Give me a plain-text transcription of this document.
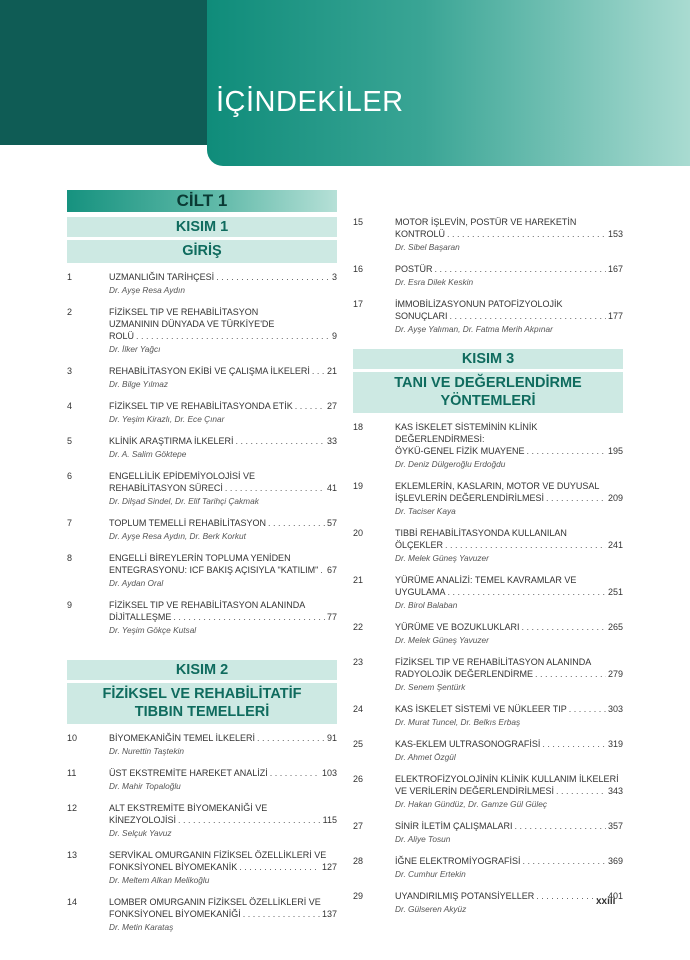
İÇİNDEKİLER
CİLT 1
KISIM 1
GİRİŞ
1	UZMANLIĞIN TARİHÇESİ . . .	3
Dr. Ayşe Resa Aydın
2	FİZİKSEL TIP VE REHABİLİTASYON
UZMANININ DÜNYADA VE TÜRKİYE'DE
ROLÜ . . .	9
Dr. İlker Yağcı
3	REHABİLİTASYON EKİBİ VE ÇALIŞMA İLKELERİ . . . 21
Dr. Bilge Yılmaz
4	FİZİKSEL TIP VE REHABİLİTASYONDA ETİK . . .	27
Dr. Yeşim Kirazlı, Dr. Ece Çınar
5	KLİNİK ARAŞTIRMA İLKELERİ . . .	33
Dr. A. Salim Göktepe
6	ENGELLİLİK EPİDEMİYOLOJİSİ VE
REHABİLİTASYON SÜRECİ . . .	41
Dr. Dilşad Sindel, Dr. Elif Tarihçi Çakmak
7	TOPLUM TEMELLİ REHABİLİTASYON . . .	57
Dr. Ayşe Resa Aydın, Dr. Berk Korkut
8	ENGELLİ BİREYLERİN TOPLUMA YENİDEN
ENTEGRASYONU: ICF BAKIŞ AÇISIYLA "KATILIM" . . . 67
Dr. Aydan Oral
9	FİZİKSEL TIP VE REHABİLİTASYON ALANINDA
DİJİTALLEŞME . . .	77
Dr. Yeşim Gökçe Kutsal
KISIM 2
FİZİKSEL VE REHABİLİTATİF
TIBBIN TEMELLERİ
10	BİYOMEKANİĞİN TEMEL İLKELERİ . . .	91
Dr. Nurettin Taştekin
11	ÜST EKSTREMİTE HAREKET ANALİZİ . . .	103
Dr. Mahir Topaloğlu
12	ALT EKSTREMİTE BİYOMEKANİĞİ VE
KİNEZYOLOJİSİ . . .	115
Dr. Selçuk Yavuz
13	SERVİKAL OMURGANIN FİZİKSEL ÖZELLİKLERİ VE
FONKSİYONEL BİYOMEKANİK . . .	127
Dr. Meltem Alkan Melikoğlu
14	LOMBER OMURGANIN FİZİKSEL ÖZELLİKLERİ VE
FONKSİYONEL BİYOMEKANİĞİ . . .	137
Dr. Metin Karataş
15	MOTOR İŞLEVİN, POSTÜR VE HAREKETİN
KONTROLÜ . . .	153
Dr. Sibel Başaran
16	POSTÜR . . .	167
Dr. Esra Dilek Keskin
17	İMMOBİLİZASYONUN PATOFİZYOLOJİK
SONUÇLARI . . .	177
Dr. Ayşe Yalıman, Dr. Fatma Merih Akpınar
KISIM 3
TANI VE DEĞERLENDİRME
YÖNTEMLERİ
18	KAS İSKELET SİSTEMİNİN KLİNİK DEĞERLENDİRMESİ:
ÖYKÜ-GENEL FİZİK MUAYENE . . .	195
Dr. Deniz Dülgeroğlu Erdoğdu
19	EKLEMLERİN, KASLARIN, MOTOR VE DUYUSAL
İŞLEVLERİN DEĞERLENDİRİLMESİ . . .	209
Dr. Taciser Kaya
20	TIBBİ REHABİLİTASYONDA KULLANILAN
ÖLÇEKLER . . .	241
Dr. Melek Güneş Yavuzer
21	YÜRÜME ANALİZİ: TEMEL KAVRAMLAR VE
UYGULAMA . . .	251
Dr. Birol Balaban
22	YÜRÜME VE BOZUKLUKLARI . . .	265
Dr. Melek Güneş Yavuzer
23	FİZİKSEL TIP VE REHABİLİTASYON ALANINDA
RADYOLOJİK DEĞERLENDİRME . . .	279
Dr. Senem Şentürk
24	KAS İSKELET SİSTEMİ VE NÜKLEER TIP . . .	303
Dr. Murat Tuncel, Dr. Belkıs Erbaş
25	KAS-EKLEM ULTRASONOGRAFİSİ . . .	319
Dr. Ahmet Özgül
26	ELEKTROFİZYOLOJİNİN KLİNİK KULLANIM İLKELERİ
VE VERİLERİN DEĞERLENDİRİLMESİ . . .	343
Dr. Hakan Gündüz, Dr. Gamze Gül Güleç
27	SİNİR İLETİM ÇALIŞMALARI . . .	357
Dr. Aliye Tosun
28	İĞNE ELEKTROMİYOGRAFİSİ . . .	369
Dr. Cumhur Ertekin
29	UYANDIRILMIŞ POTANSİYELLER . . .	401
Dr. Gülseren Akyüz
xxiii
